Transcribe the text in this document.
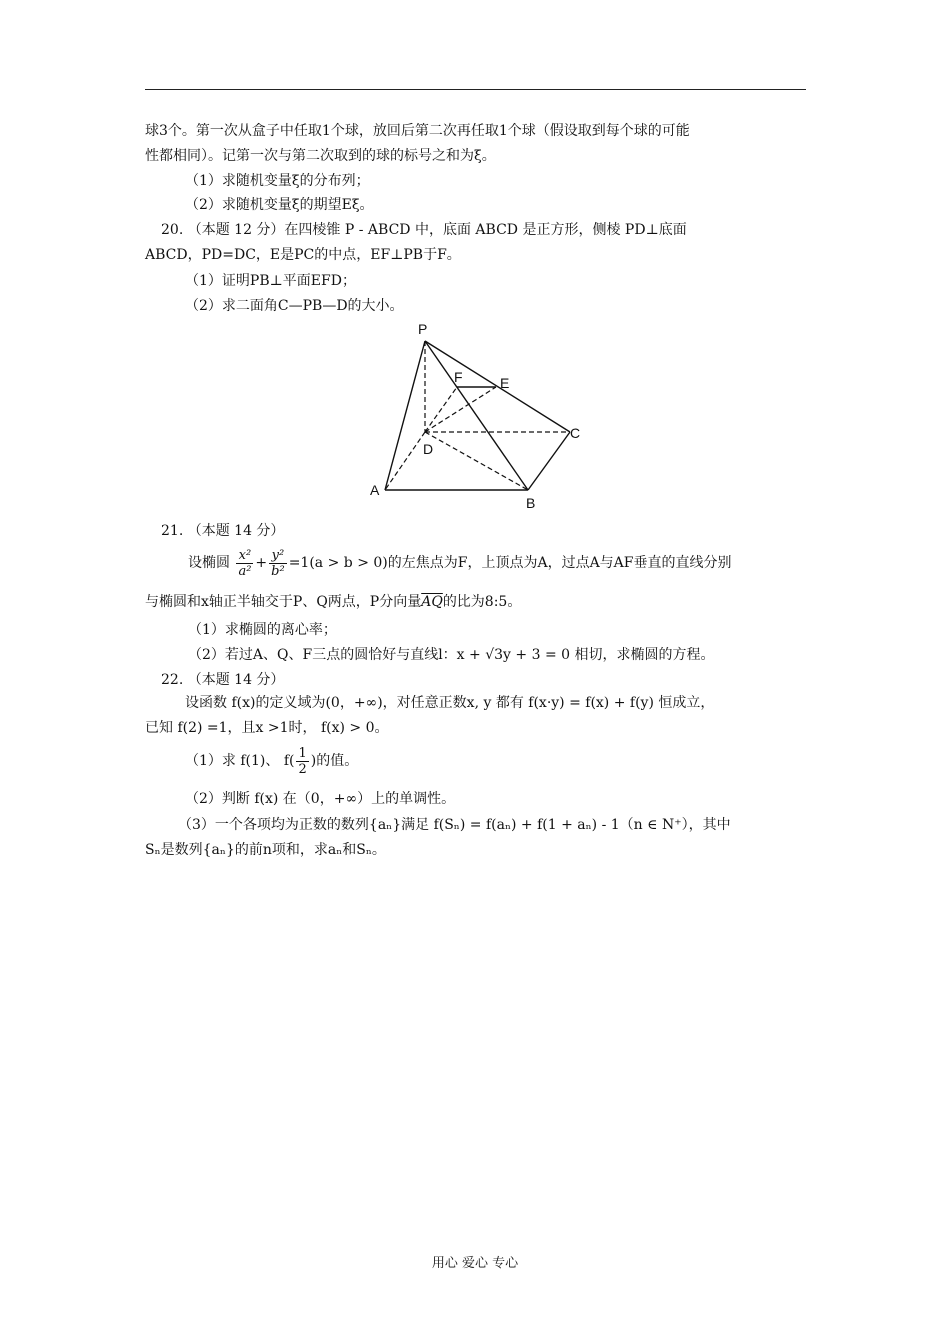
球3个。第一次从盒子中任取1个球，放回后第二次再任取1个球（假设取到每个球的可能
性都相同）。记第一次与第二次取到的球的标号之和为ξ。
（1）求随机变量ξ的分布列；
（2）求随机变量ξ的期望Eξ。
20. （本题 12 分）在四棱锥 P - ABCD 中，底面 ABCD 是正方形，侧棱 PD⊥底面
ABCD，PD=DC，E是PC的中点，EF⊥PB于F。
（1）证明PB⊥平面EFD；
（2）求二面角C—PB—D的大小。
P
F	E
C
D
A
B
21. （本题 14 分）
设椭圆 $\frac{\text{x²}}{\text{a²}} + \frac{\text{y²}}{\text{b²}} =1(a > b > 0)$的左焦点为F，上顶点为A，过点A与AF垂直的直线分别
与椭圆和x轴正半轴交于P、Q两点，P分向量$\overline{AQ}$的比为8:5。
（1）求椭圆的离心率；
（2）若过A、Q、F三点的圆恰好与直线l：x + √3y + 3 = 0 相切，求椭圆的方程。
22. （本题 14 分）
设函数 f(x)的定义域为(0，+∞)，对任意正数x, y 都有 f(x·y) = f(x) + f(y) 恒成立，
已知 f(2) =1，且x >1时， f(x) > 0。
（1）求 f(1)、 $f( \frac{1}{2}$ )的值。
（2）判断 f(x) 在（0，+∞）上的单调性。
（3）一个各项均为正数的数列{aₙ}满足 f(Sₙ) = f(aₙ) + f(1 + aₙ) - 1（n ∈ N⁺），其中
Sₙ是数列{aₙ}的前n项和，求aₙ和Sₙ。
用心 爱心 专心
